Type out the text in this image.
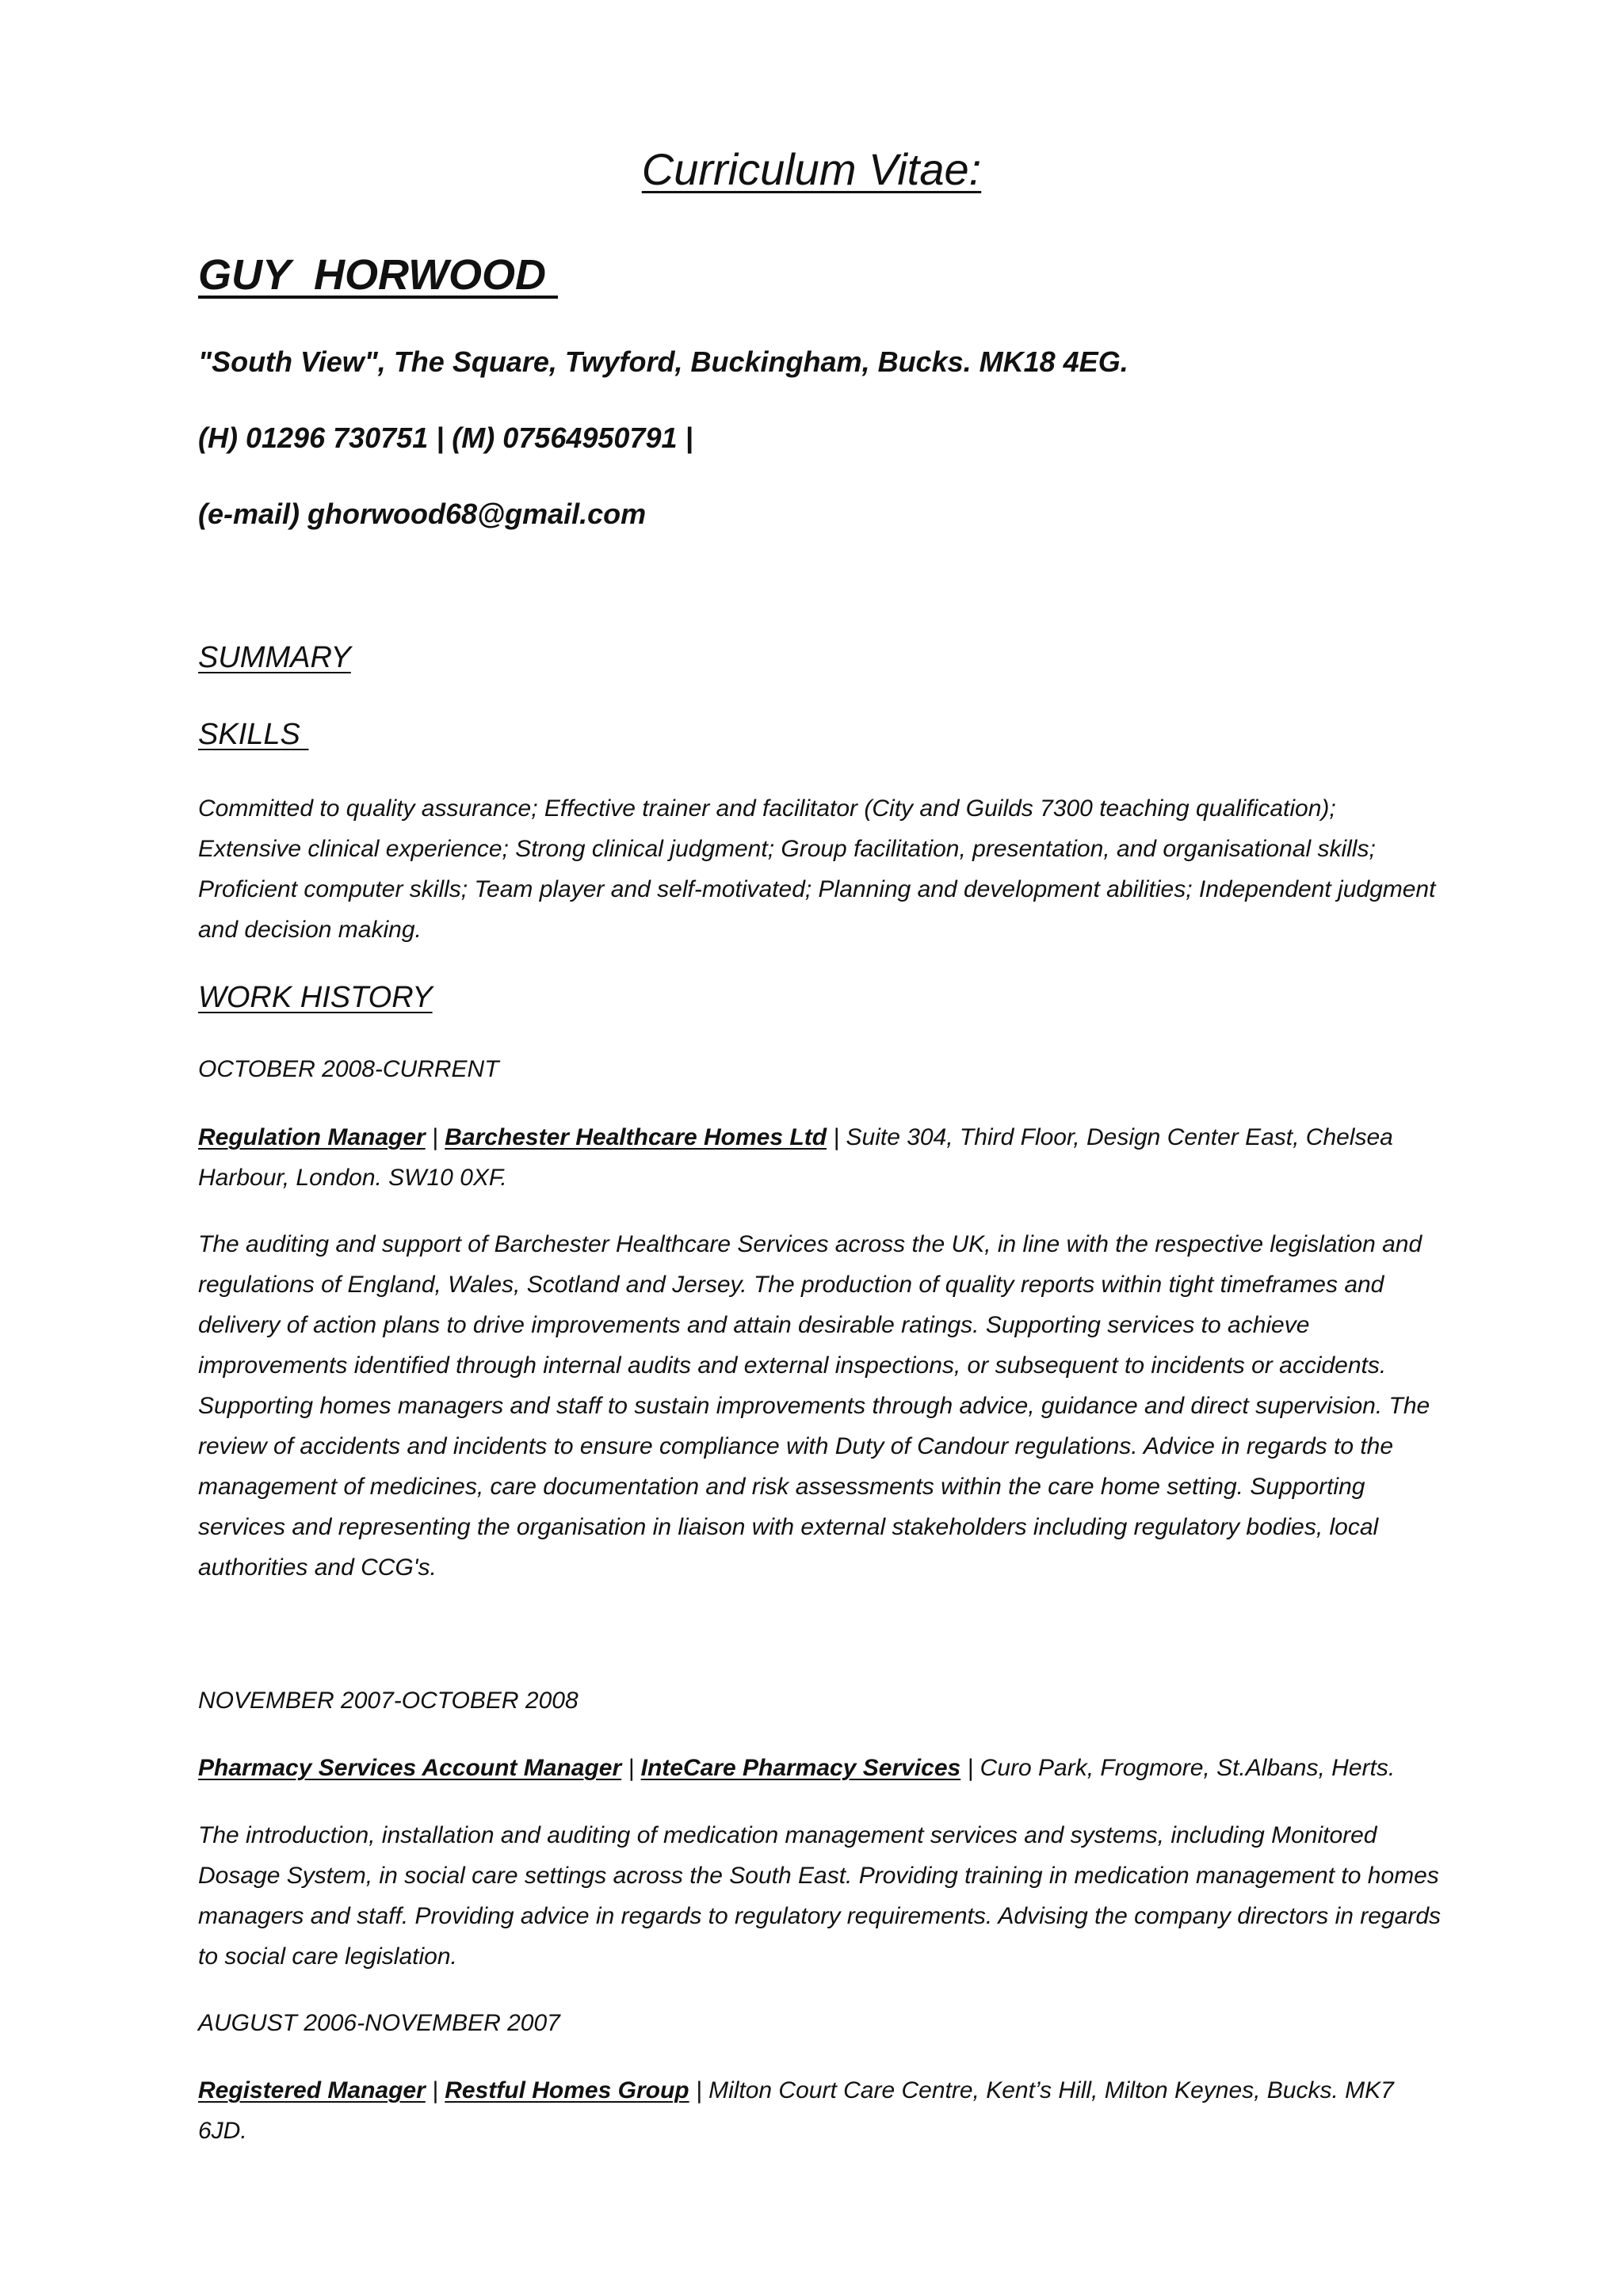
Curriculum Vitae:
GUY  HORWOOD
"South View", The Square, Twyford, Buckingham, Bucks. MK18 4EG.
(H) 01296 730751 | (M) 07564950791 |
(e-mail) ghorwood68@gmail.com
SUMMARY
SKILLS

Committed to quality assurance; Effective trainer and facilitator (City and Guilds 7300 teaching qualification); Extensive clinical experience; Strong clinical judgment; Group facilitation, presentation, and organisational skills; Proficient computer skills; Team player and self-motivated; Planning and development abilities; Independent judgment and decision making.

WORK HISTORY
OCTOBER 2008-CURRENT

Regulation Manager | Barchester Healthcare Homes Ltd | Suite 304, Third Floor, Design Center East, Chelsea Harbour, London. SW10 0XF.

The auditing and support of Barchester Healthcare Services across the UK, in line with the respective legislation and regulations of England, Wales, Scotland and Jersey. The production of quality reports within tight timeframes and delivery of action plans to drive improvements and attain desirable ratings. Supporting services to achieve improvements identified through internal audits and external inspections, or subsequent to incidents or accidents. Supporting homes managers and staff to sustain improvements through advice, guidance and direct supervision. The review of accidents and incidents to ensure compliance with Duty of Candour regulations. Advice in regards to the management of medicines, care documentation and risk assessments within the care home setting. Supporting services and representing the organisation in liaison with external stakeholders including regulatory bodies, local authorities and CCG's.

NOVEMBER 2007-OCTOBER 2008

Pharmacy Services Account Manager | InteCare Pharmacy Services | Curo Park, Frogmore, St.Albans, Herts.

The introduction, installation and auditing of medication management services and systems, including Monitored Dosage System, in social care settings across the South East. Providing training in medication management to homes managers and staff. Providing advice in regards to regulatory requirements. Advising the company directors in regards to social care legislation.

AUGUST 2006-NOVEMBER 2007

Registered Manager | Restful Homes Group | Milton Court Care Centre, Kent’s Hill, Milton Keynes, Bucks. MK7 6JD.
